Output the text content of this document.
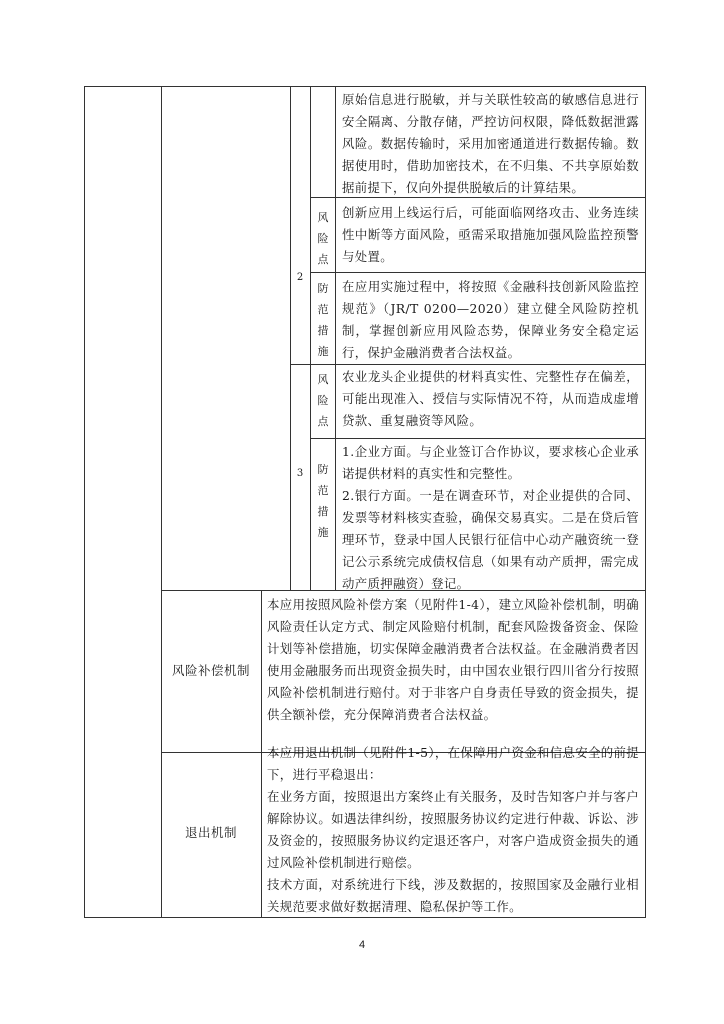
原始信息进行脱敏，并与关联性较高的敏感信息进行安全隔离、分散存储，严控访问权限，降低数据泄露风险。数据传输时，采用加密通道进行数据传输。数据使用时，借助加密技术，在不归集、不共享原始数据前提下，仅向外提供脱敏后的计算结果。
2
风险点
创新应用上线运行后，可能面临网络攻击、业务连续性中断等方面风险，亟需采取措施加强风险监控预警与处置。
防范措施
在应用实施过程中，将按照《金融科技创新风险监控规范》（JR/T 0200—2020）建立健全风险防控机制，掌握创新应用风险态势，保障业务安全稳定运行，保护金融消费者合法权益。
3
风险点
农业龙头企业提供的材料真实性、完整性存在偏差，可能出现准入、授信与实际情况不符，从而造成虚增贷款、重复融资等风险。
防范措施
1.企业方面。与企业签订合作协议，要求核心企业承诺提供材料的真实性和完整性。
2.银行方面。一是在调查环节，对企业提供的合同、发票等材料核实查验，确保交易真实。二是在贷后管理环节，登录中国人民银行征信中心动产融资统一登记公示系统完成债权信息（如果有动产质押，需完成动产质押融资）登记。
风险补偿机制
本应用按照风险补偿方案（见附件1-4），建立风险补偿机制，明确风险责任认定方式、制定风险赔付机制，配套风险拨备资金、保险计划等补偿措施，切实保障金融消费者合法权益。在金融消费者因使用金融服务而出现资金损失时，由中国农业银行四川省分行按照风险补偿机制进行赔付。对于非客户自身责任导致的资金损失，提供全额补偿，充分保障消费者合法权益。
退出机制
本应用退出机制（见附件1-5），在保障用户资金和信息安全的前提下，进行平稳退出：
在业务方面，按照退出方案终止有关服务，及时告知客户并与客户解除协议。如遇法律纠纷，按照服务协议约定进行仲裁、诉讼、涉及资金的，按照服务协议约定退还客户，对客户造成资金损失的通过风险补偿机制进行赔偿。
技术方面，对系统进行下线，涉及数据的，按照国家及金融行业相关规范要求做好数据清理、隐私保护等工作。
4
